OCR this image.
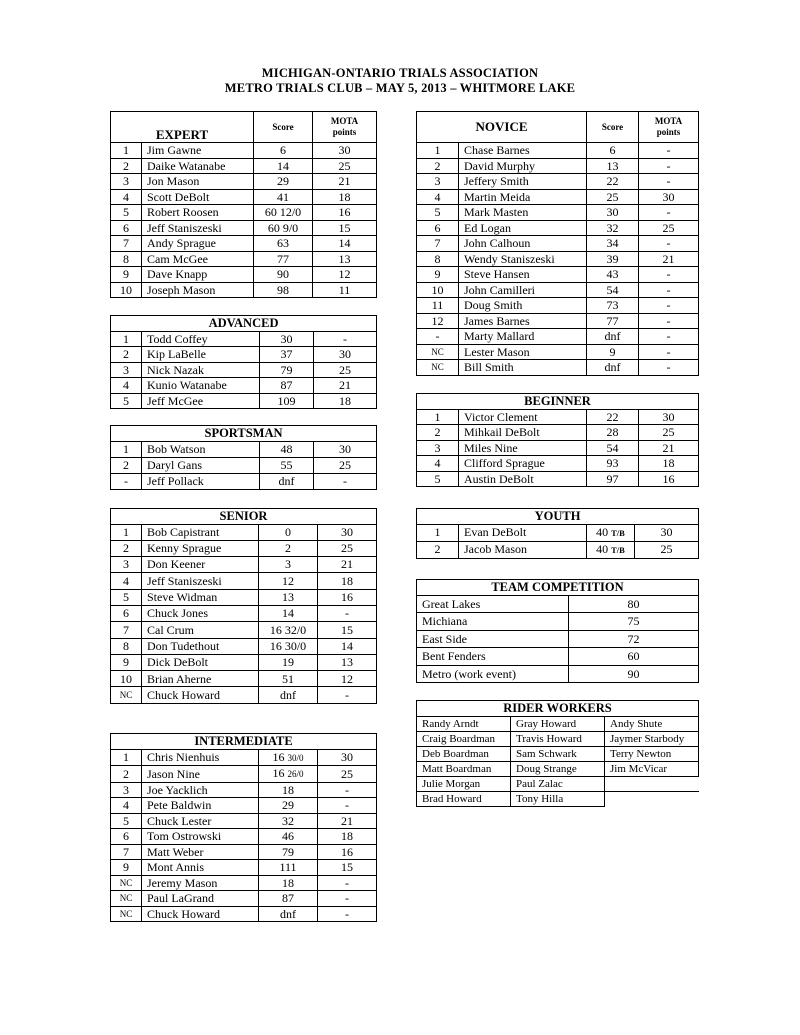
MICHIGAN-ONTARIO TRIALS ASSOCIATION
METRO TRIALS CLUB – MAY 5, 2013 – WHITMORE LAKE
EXPERT		Score	MOTA
points
1	Jim Gawne	6	30
2	Daike Watanabe	14	25
3	Jon Mason	29	21
4	Scott DeBolt	41	18
5	Robert Roosen	60 12/0	16
6	Jeff Staniszeski	60 9/0	15
7	Andy Sprague	63	14
8	Cam McGee	77	13
9	Dave Knapp	90	12
10	Joseph Mason	98	11
ADVANCED			
1	Todd Coffey	30	-
2	Kip LaBelle	37	30
3	Nick Nazak	79	25
4	Kunio Watanabe	87	21
5	Jeff McGee	109	18
SPORTSMAN			
1	Bob Watson	48	30
2	Daryl Gans	55	25
-	Jeff Pollack	dnf	-
SENIOR			
1	Bob Capistrant	0	30
2	Kenny Sprague	2	25
3	Don Keener	3	21
4	Jeff Staniszeski	12	18
5	Steve Widman	13	16
6	Chuck Jones	14	-
7	Cal Crum	16 32/0	15
8	Don Tudethout	16 30/0	14
9	Dick DeBolt	19	13
10	Brian Aherne	51	12
NC	Chuck Howard	dnf	-
INTERMEDIATE			
1	Chris Nienhuis	16 30/0	30
2	Jason Nine	16 26/0	25
3	Joe Yacklich	18	-
4	Pete Baldwin	29	-
5	Chuck Lester	32	21
6	Tom Ostrowski	46	18
7	Matt Weber	79	16
9	Mont Annis	111	15
NC	Jeremy Mason	18	-
NC	Paul LaGrand	87	-
NC	Chuck Howard	dnf	-
NOVICE		Score	MOTA
points
1	Chase Barnes	6	-
2	David Murphy	13	-
3	Jeffery Smith	22	-
4	Martin Meida	25	30
5	Mark Masten	30	-
6	Ed Logan	32	25
7	John Calhoun	34	-
8	Wendy Staniszeski	39	21
9	Steve Hansen	43	-
10	John Camilleri	54	-
11	Doug Smith	73	-
12	James Barnes	77	-
-	Marty Mallard	dnf	-
NC	Lester Mason	9	-
NC	Bill Smith	dnf	-
BEGINNER			
1	Victor Clement	22	30
2	Mihkail DeBolt	28	25
3	Miles Nine	54	21
4	Clifford Sprague	93	18
5	Austin DeBolt	97	16
YOUTH			
1	Evan DeBolt	40 T/B	30
2	Jacob Mason	40 T/B	25
TEAM COMPETITION	
Great Lakes	80
Michiana	75
East Side	72
Bent Fenders	60
Metro (work event)	90
RIDER WORKERS		
Randy Arndt	Gray Howard	Andy Shute
Craig Boardman	Travis Howard	Jaymer Starbody
Deb Boardman	Sam Schwark	Terry Newton
Matt Boardman	Doug Strange	Jim McVicar
Julie Morgan	Paul Zalac	
Brad Howard	Tony Hilla	
